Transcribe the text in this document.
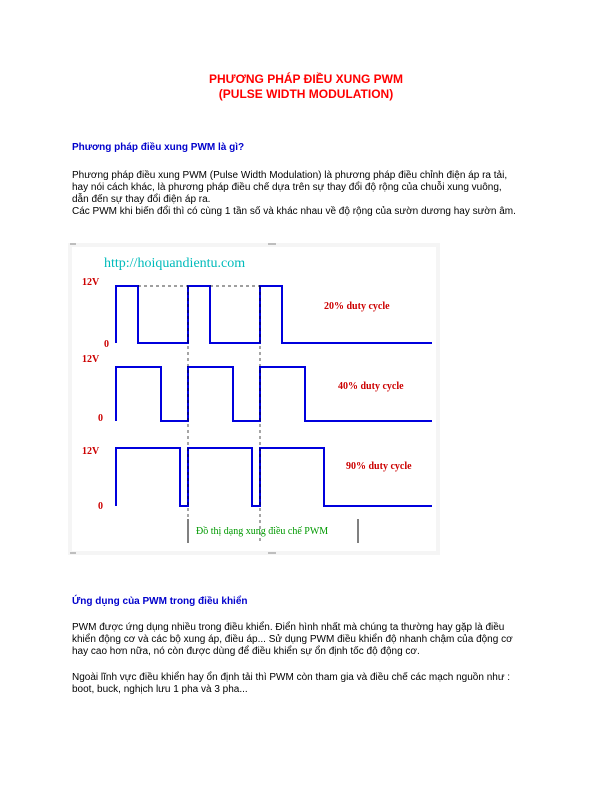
PHƯƠNG PHÁP ĐIỀU XUNG PWM
(PULSE WIDTH MODULATION)
Phương pháp điều xung PWM là gì?
Phương pháp điều xung PWM (Pulse Width Modulation) là phương pháp điều chỉnh điện áp ra tải,
hay nói cách khác, là phương pháp điều chế dựa trên sự thay đổi độ rộng của chuỗi xung vuông,
dẫn đến sự thay đổi điện áp ra.
Các PWM khi biến đổi thì có cùng 1 tần số và khác nhau về độ rộng của sườn dương hay sườn âm.
http://hoiquandientu.com
12V
0
20% duty cycle
12V
0
40% duty cycle
12V
0
90% duty cycle
Đồ thị dạng xung điều chế PWM
Ứng dụng của PWM trong điều khiển
PWM được ứng dụng nhiều trong điều khiển. Điển hình nhất mà chúng ta thường hay gặp là điều
khiển động cơ và các bộ xung áp, điều áp... Sử dụng PWM điều khiển độ nhanh chậm của động cơ
hay cao hơn nữa, nó còn được dùng để điều khiển sự ổn định tốc độ động cơ.
Ngoài lĩnh vực điều khiển hay ổn định tải thì PWM còn tham gia và điều chế các mạch nguồn như :
boot, buck, nghịch lưu 1 pha và 3 pha...
